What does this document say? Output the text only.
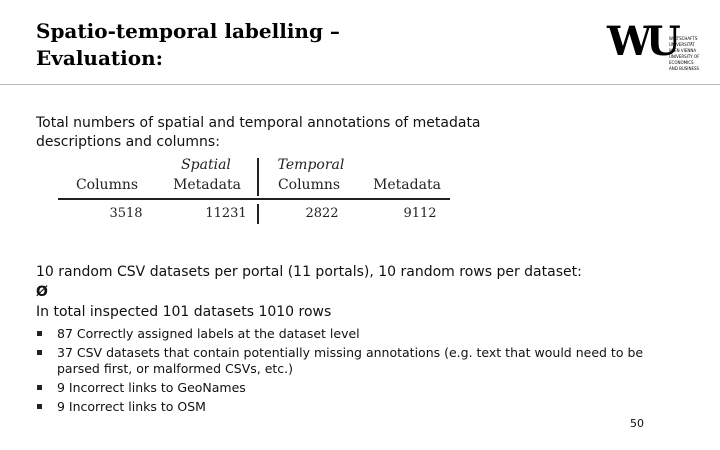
Spatio-temporal labelling –
Evaluation:	WU
WIRTSCHAFTS
UNIVERSITÄT
WIEN VIENNA
UNIVERSITY OF
ECONOMICS
AND BUSINESS
Total numbers of spatial and temporal annotations of metadata
descriptions and columns:
Spatial	Temporal
Columns	Metadata	Columns	Metadata
3518	11231	2822	9112
10 random CSV datasets per portal (11 portals), 10 random rows per dataset:
Ø
In total inspected 101 datasets 1010 rows
87 Correctly assigned labels at the dataset level
37 CSV datasets that contain potentially missing annotations (e.g. text that would need to be parsed first, or malformed CSVs, etc.)
9 Incorrect links to GeoNames
9 Incorrect links to OSM
50
